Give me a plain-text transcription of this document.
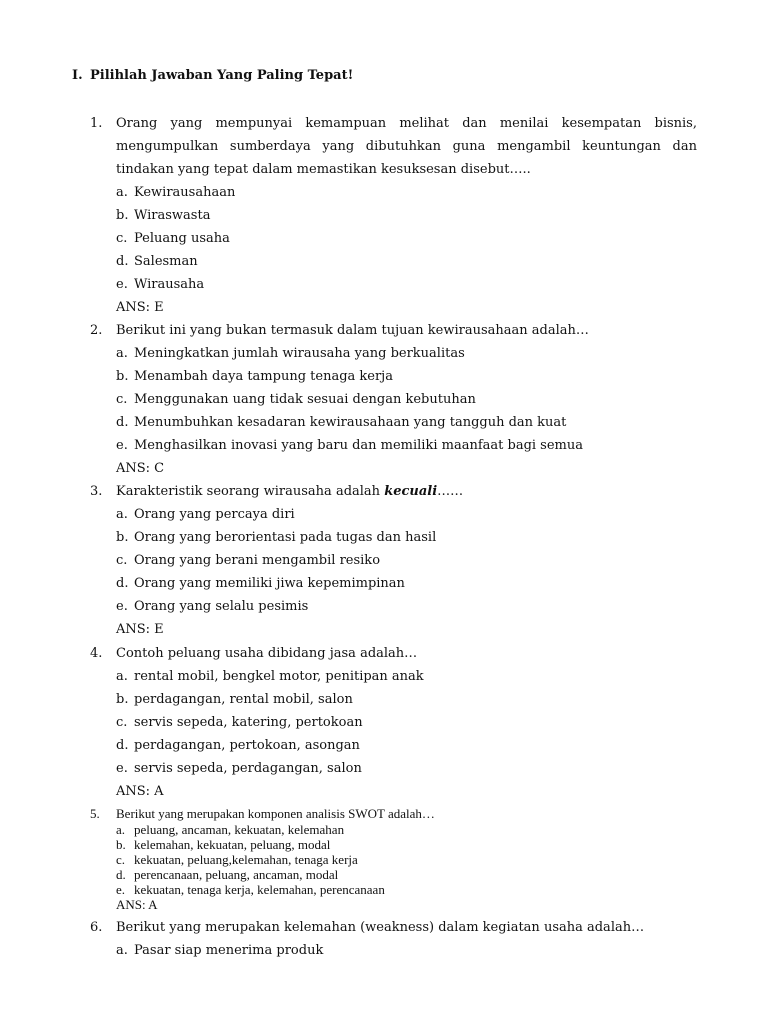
I. Pilihlah Jawaban Yang Paling Tepat!
1.	Orang yang mempunyai kemampuan melihat dan menilai kesempatan bisnis, mengumpulkan sumberdaya yang dibutuhkan guna mengambil keuntungan dan tindakan yang tepat dalam memastikan kesuksesan disebut…..
a. Kewirausahaan
b. Wiraswasta
c. Peluang usaha
d. Salesman
e. Wirausaha
ANS: E
2.	Berikut ini yang bukan termasuk dalam tujuan kewirausahaan adalah…
a. Meningkatkan jumlah wirausaha yang berkualitas
b. Menambah daya tampung tenaga kerja
c. Menggunakan uang tidak sesuai dengan kebutuhan
d. Menumbuhkan kesadaran kewirausahaan yang tangguh dan kuat
e. Menghasilkan inovasi yang baru dan memiliki maanfaat bagi semua
ANS: C
3.	Karakteristik seorang wirausaha adalah kecuali……
a. Orang yang percaya diri
b. Orang yang berorientasi pada tugas dan hasil
c. Orang yang berani mengambil resiko
d. Orang yang memiliki jiwa kepemimpinan
e. Orang yang selalu pesimis
ANS: E
4.	Contoh peluang usaha dibidang jasa adalah…
a. rental mobil, bengkel motor, penitipan anak
b. perdagangan, rental mobil, salon
c. servis sepeda, katering, pertokoan
d. perdagangan, pertokoan, asongan
e. servis sepeda, perdagangan, salon
ANS: A
5.	Berikut yang merupakan komponen analisis SWOT adalah…
a. peluang, ancaman, kekuatan, kelemahan
b. kelemahan, kekuatan, peluang, modal
c. kekuatan, peluang,kelemahan, tenaga kerja
d. perencanaan, peluang, ancaman, modal
e. kekuatan, tenaga kerja, kelemahan, perencanaan
ANS: A
6.	Berikut yang merupakan kelemahan (weakness) dalam kegiatan usaha adalah…
a. Pasar siap menerima produk
